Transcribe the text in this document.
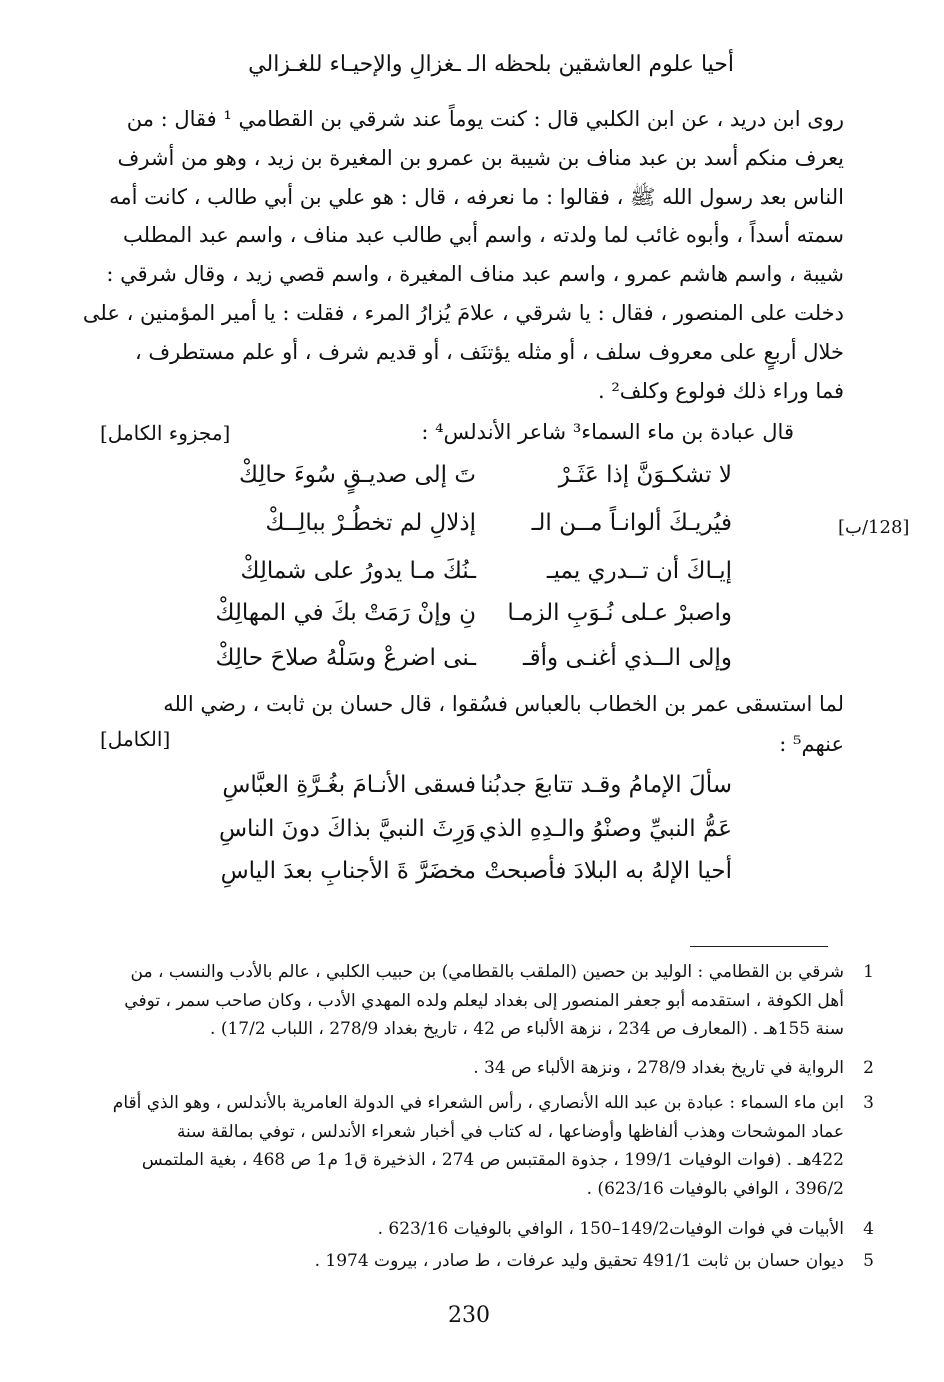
أحيا علوم العاشقين بلحظه الـ ـغزالِ والإحيـاء للغـزالي

روى ابن دريد ، عن ابن الكلبي قال : كنت يوماً عند شرقي بن القطامي ¹ فقال : من

يعرف منكم أسد بن عبد مناف بن شيبة بن عمرو بن المغيرة بن زيد ، وهو من أشرف

الناس بعد رسول الله ﷺ ، فقالوا : ما نعرفه ، قال : هو علي بن أبي طالب ، كانت أمه

سمته أسداً ، وأبوه غائب لما ولدته ، واسم أبي طالب عبد مناف ، واسم عبد المطلب

شيبة ، واسم هاشم عمرو ، واسم عبد مناف المغيرة ، واسم قصي زيد ، وقال شرقي :

دخلت على المنصور ، فقال : يا شرقي ، علامَ يُزارُ المرء ، فقلت : يا أمير المؤمنين ، على

خلال أربعٍ على معروف سلف ، أو مثله يؤتنَف ، أو قديم شرف ، أو علم مستطرف ،

فما وراء ذلك فولوع وكلف² .

قال عبادة بن ماء السماء³ شاعر الأندلس⁴ :
[مجزوء الكامل]
لا تشكـوَنَّ إذا عَثَـرْ
تَ إلى صديـقٍ سُوءَ حالِكْ
فيُريـكَ ألوانـاً مــن الـ
إذلالِ لم تخطُـرْ ببالِــكْ
إيـاكَ أن تــدري يميـ
ـنُكَ مـا يدورُ على شمالِكْ
واصبرْ عـلى نُـوَبِ الزمـا
نِ وإنْ رَمَتْ بكَ في المهالِكْ
وإلى الــذي أغنـى وأقـ
ـنى اضرعْ وسَلْهُ صلاحَ حالِكْ
[128/ب]
لما استسقى عمر بن الخطاب بالعباس فسُقوا ، قال حسان بن ثابت ، رضي الله
عنهم⁵ :
[الكامل]
سألَ الإمامُ وقـد تتابعَ جدبُنا
فسقى الأنـامَ بغُـرَّةِ العبَّاسِ
عَمُّ النبيِّ وصنْوُ والـدِهِ الذي
وَرِثَ النبيَّ بذاكَ دونَ الناسِ
أحيا الإلهُ به البلادَ فأصبحتْ
مخضَرَّ ةَ الأجنابِ بعدَ الياسِ
1
شرقي بن القطامي : الوليد بن حصين (الملقب بالقطامي) بن حبيب الكلبي ، عالم بالأدب والنسب ، من
أهل الكوفة ، استقدمه أبو جعفر المنصور إلى بغداد ليعلم ولده المهدي الأدب ، وكان صاحب سمر ، توفي
سنة 155هـ . (المعارف ص 234 ، نزهة الألباء ص 42 ، تاريخ بغداد 278/9 ، اللباب 17/2) .
2
الرواية في تاريخ بغداد 278/9 ، ونزهة الألباء ص 34 .
3
ابن ماء السماء : عبادة بن عبد الله الأنصاري ، رأس الشعراء في الدولة العامرية بالأندلس ، وهو الذي أقام
عماد الموشحات وهذب ألفاظها وأوضاعها ، له كتاب في أخبار شعراء الأندلس ، توفي بمالقة سنة
422هـ . (فوات الوفيات 199/1 ، جذوة المقتبس ص 274 ، الذخيرة ق1 م1 ص 468 ، بغية الملتمس
396/2 ، الوافي بالوفيات 623/16) .
4
الأبيات في فوات الوفيات149/2–150 ، الوافي بالوفيات 623/16 .
5
ديوان حسان بن ثابت 491/1 تحقيق وليد عرفات ، ط صادر ، بيروت 1974 .
230
